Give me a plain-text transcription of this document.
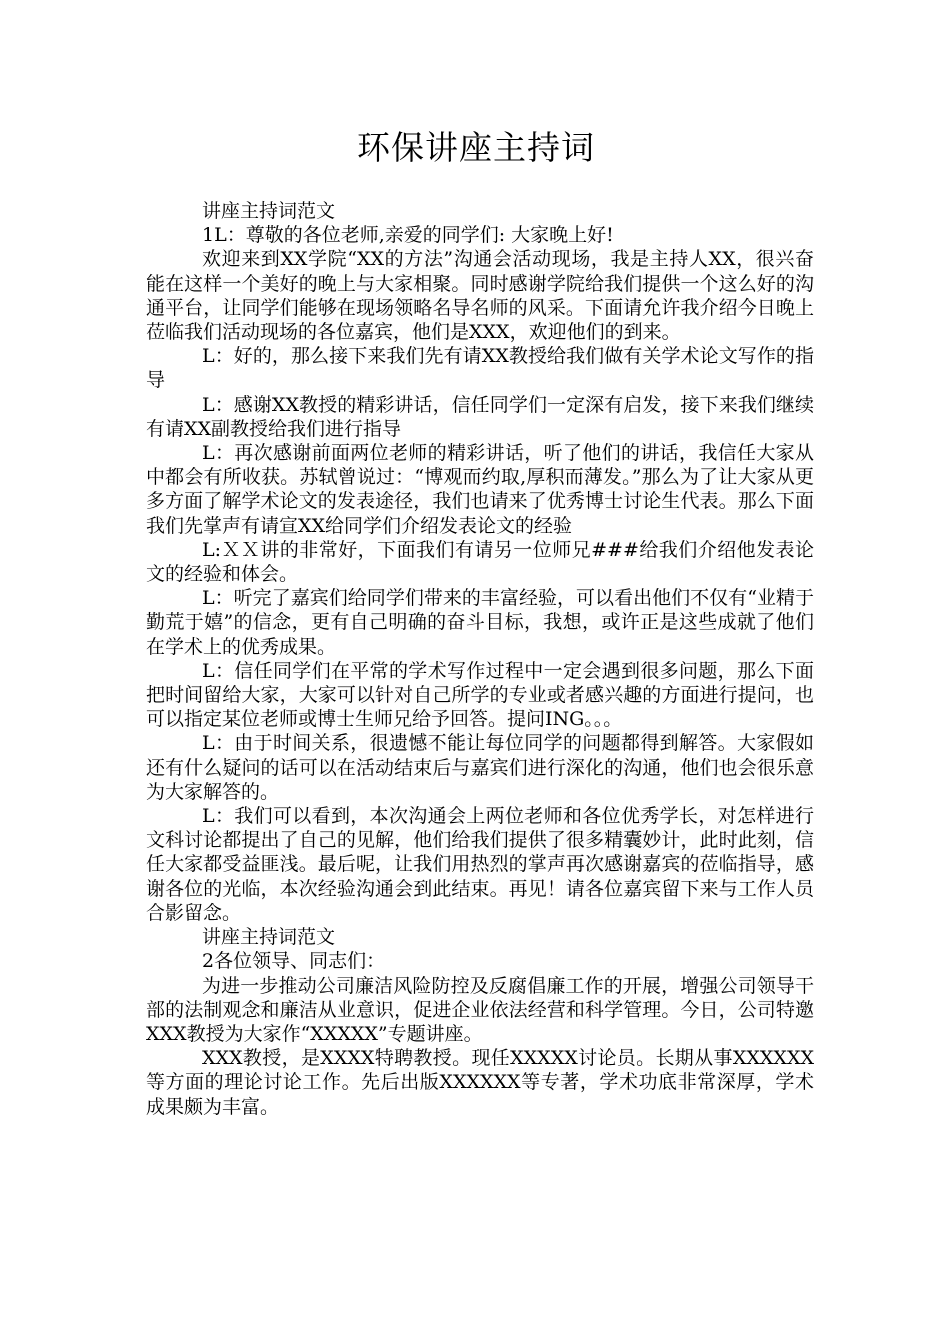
环保讲座主持词

讲座主持词范文

1L：尊敬的各位老师,亲爱的同学们: 大家晚上好!

欢迎来到XX学院“XX的方法”沟通会活动现场，我是主持人XX，很兴奋能在这样一个美好的晚上与大家相聚。同时感谢学院给我们提供一个这么好的沟通平台，让同学们能够在现场领略名导名师的风采。下面请允许我介绍今日晚上莅临我们活动现场的各位嘉宾，他们是XXX，欢迎他们的到来。

L：好的，那么接下来我们先有请XX教授给我们做有关学术论文写作的指导

L：感谢XX教授的精彩讲话，信任同学们一定深有启发，接下来我们继续有请XX副教授给我们进行指导

L：再次感谢前面两位老师的精彩讲话，听了他们的讲话，我信任大家从中都会有所收获。苏轼曾说过：“博观而约取,厚积而薄发。”那么为了让大家从更多方面了解学术论文的发表途径，我们也请来了优秀博士讨论生代表。那么下面我们先掌声有请宣XX给同学们介绍发表论文的经验

L:ＸＸ讲的非常好，下面我们有请另一位师兄###给我们介绍他发表论文的经验和体会。

L：听完了嘉宾们给同学们带来的丰富经验，可以看出他们不仅有“业精于勤荒于嬉”的信念，更有自己明确的奋斗目标，我想，或许正是这些成就了他们在学术上的优秀成果。

L：信任同学们在平常的学术写作过程中一定会遇到很多问题，那么下面把时间留给大家，大家可以针对自己所学的专业或者感兴趣的方面进行提问，也可以指定某位老师或博士生师兄给予回答。提问ING。。。

L：由于时间关系，很遗憾不能让每位同学的问题都得到解答。大家假如还有什么疑问的话可以在活动结束后与嘉宾们进行深化的沟通，他们也会很乐意为大家解答的。

L：我们可以看到，本次沟通会上两位老师和各位优秀学长，对怎样进行文科讨论都提出了自己的见解，他们给我们提供了很多精囊妙计，此时此刻，信任大家都受益匪浅。最后呢，让我们用热烈的掌声再次感谢嘉宾的莅临指导，感谢各位的光临，本次经验沟通会到此结束。再见！请各位嘉宾留下来与工作人员合影留念。

讲座主持词范文

2各位领导、同志们：

为进一步推动公司廉洁风险防控及反腐倡廉工作的开展，增强公司领导干部的法制观念和廉洁从业意识，促进企业依法经营和科学管理。今日，公司特邀XXX教授为大家作“XXXXX”专题讲座。

XXX教授，是XXXX特聘教授。现任XXXXX讨论员。长期从事XXXXXX等方面的理论讨论工作。先后出版XXXXXX等专著，学术功底非常深厚，学术成果颇为丰富。
